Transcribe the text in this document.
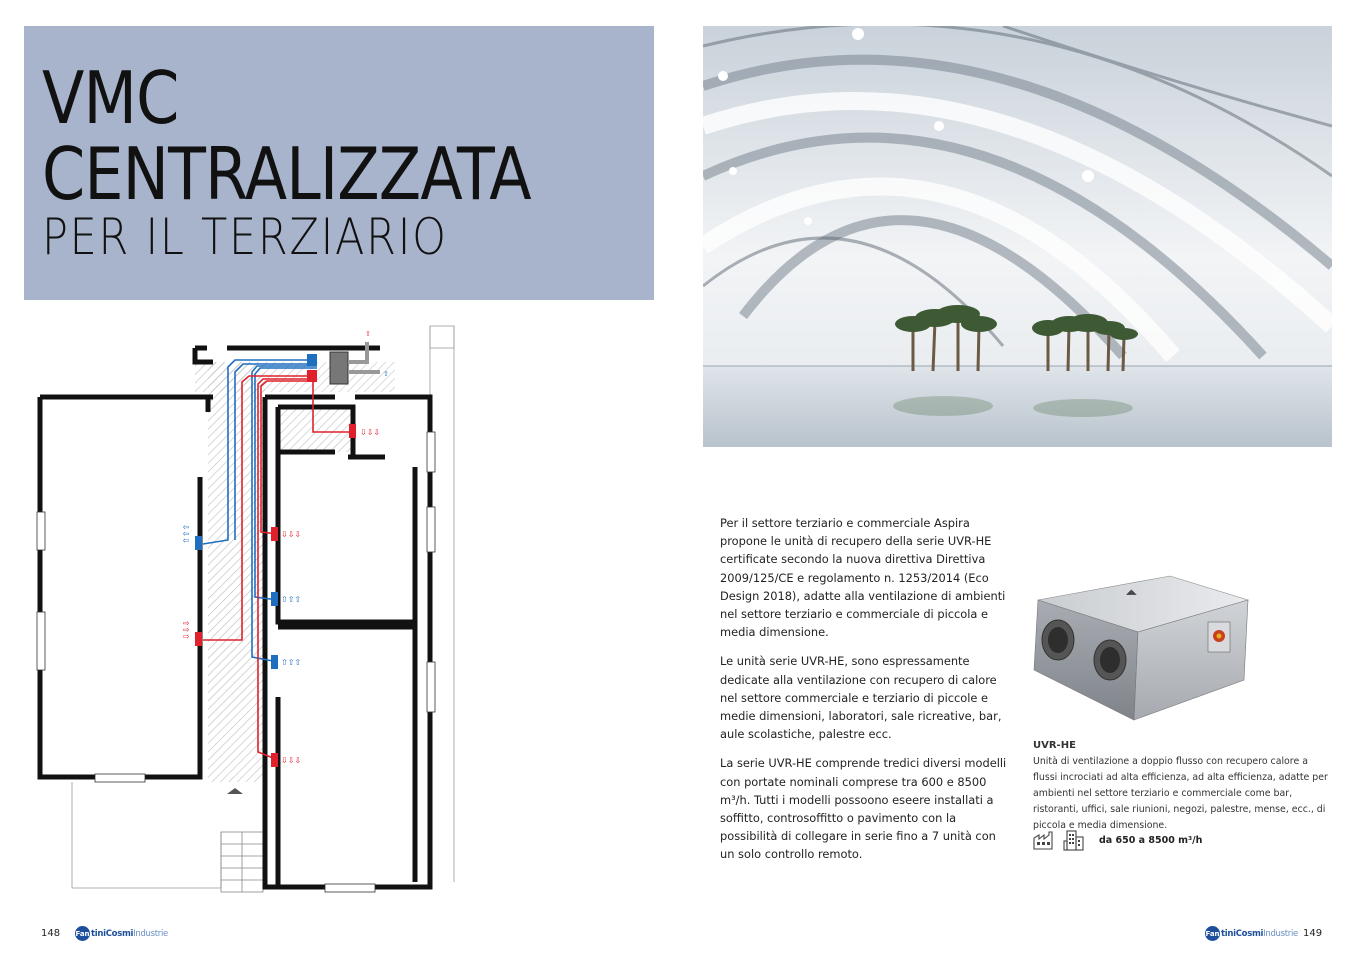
VMC
CENTRALIZZATA
PER IL TERZIARIO
⇧
⇧
⇩⇩⇩
⇧⇧⇧
⇩⇩⇩
⇩⇩⇩
⇧⇧⇧
⇧⇧⇧
⇩⇩⇩

Per il settore terziario e commerciale Aspira propone le unità di recupero della serie UVR-HE certificate secondo la nuova direttiva Direttiva 2009/125/CE e regolamento n. 1253/2014 (Eco Design 2018), adatte alla ventilazione di ambienti nel settore terziario e commerciale di piccola e media dimensione.

Le unità serie UVR-HE, sono espressamente dedicate alla ventilazione con recupero di calore nel settore commerciale e terziario di piccole e medie dimensioni, laboratori, sale ricreative, bar, aule scolastiche, palestre ecc.

La serie UVR-HE comprende tredici diversi modelli con portate nominali comprese tra 600 e 8500 m³/h. Tutti i modelli possoono eseere installati a soffitto, controsoffitto o pavimento con la possibilità di collegare in serie fino a 7 unità con un solo controllo remoto.

◢◣
UVR-HE
Unità di ventilazione a doppio flusso con recupero calore a flussi incrociati ad alta efficienza, ad alta efficienza, adatte per ambienti nel settore terziario e commerciale come bar, ristoranti, uffici, sale riunioni, negozi, palestre, mense, ecc., di piccola e media dimensione.
da 650 a 8500 m³/h
148 Fan tiniCosmiIndustrie	Fan tiniCosmiIndustrie 149
